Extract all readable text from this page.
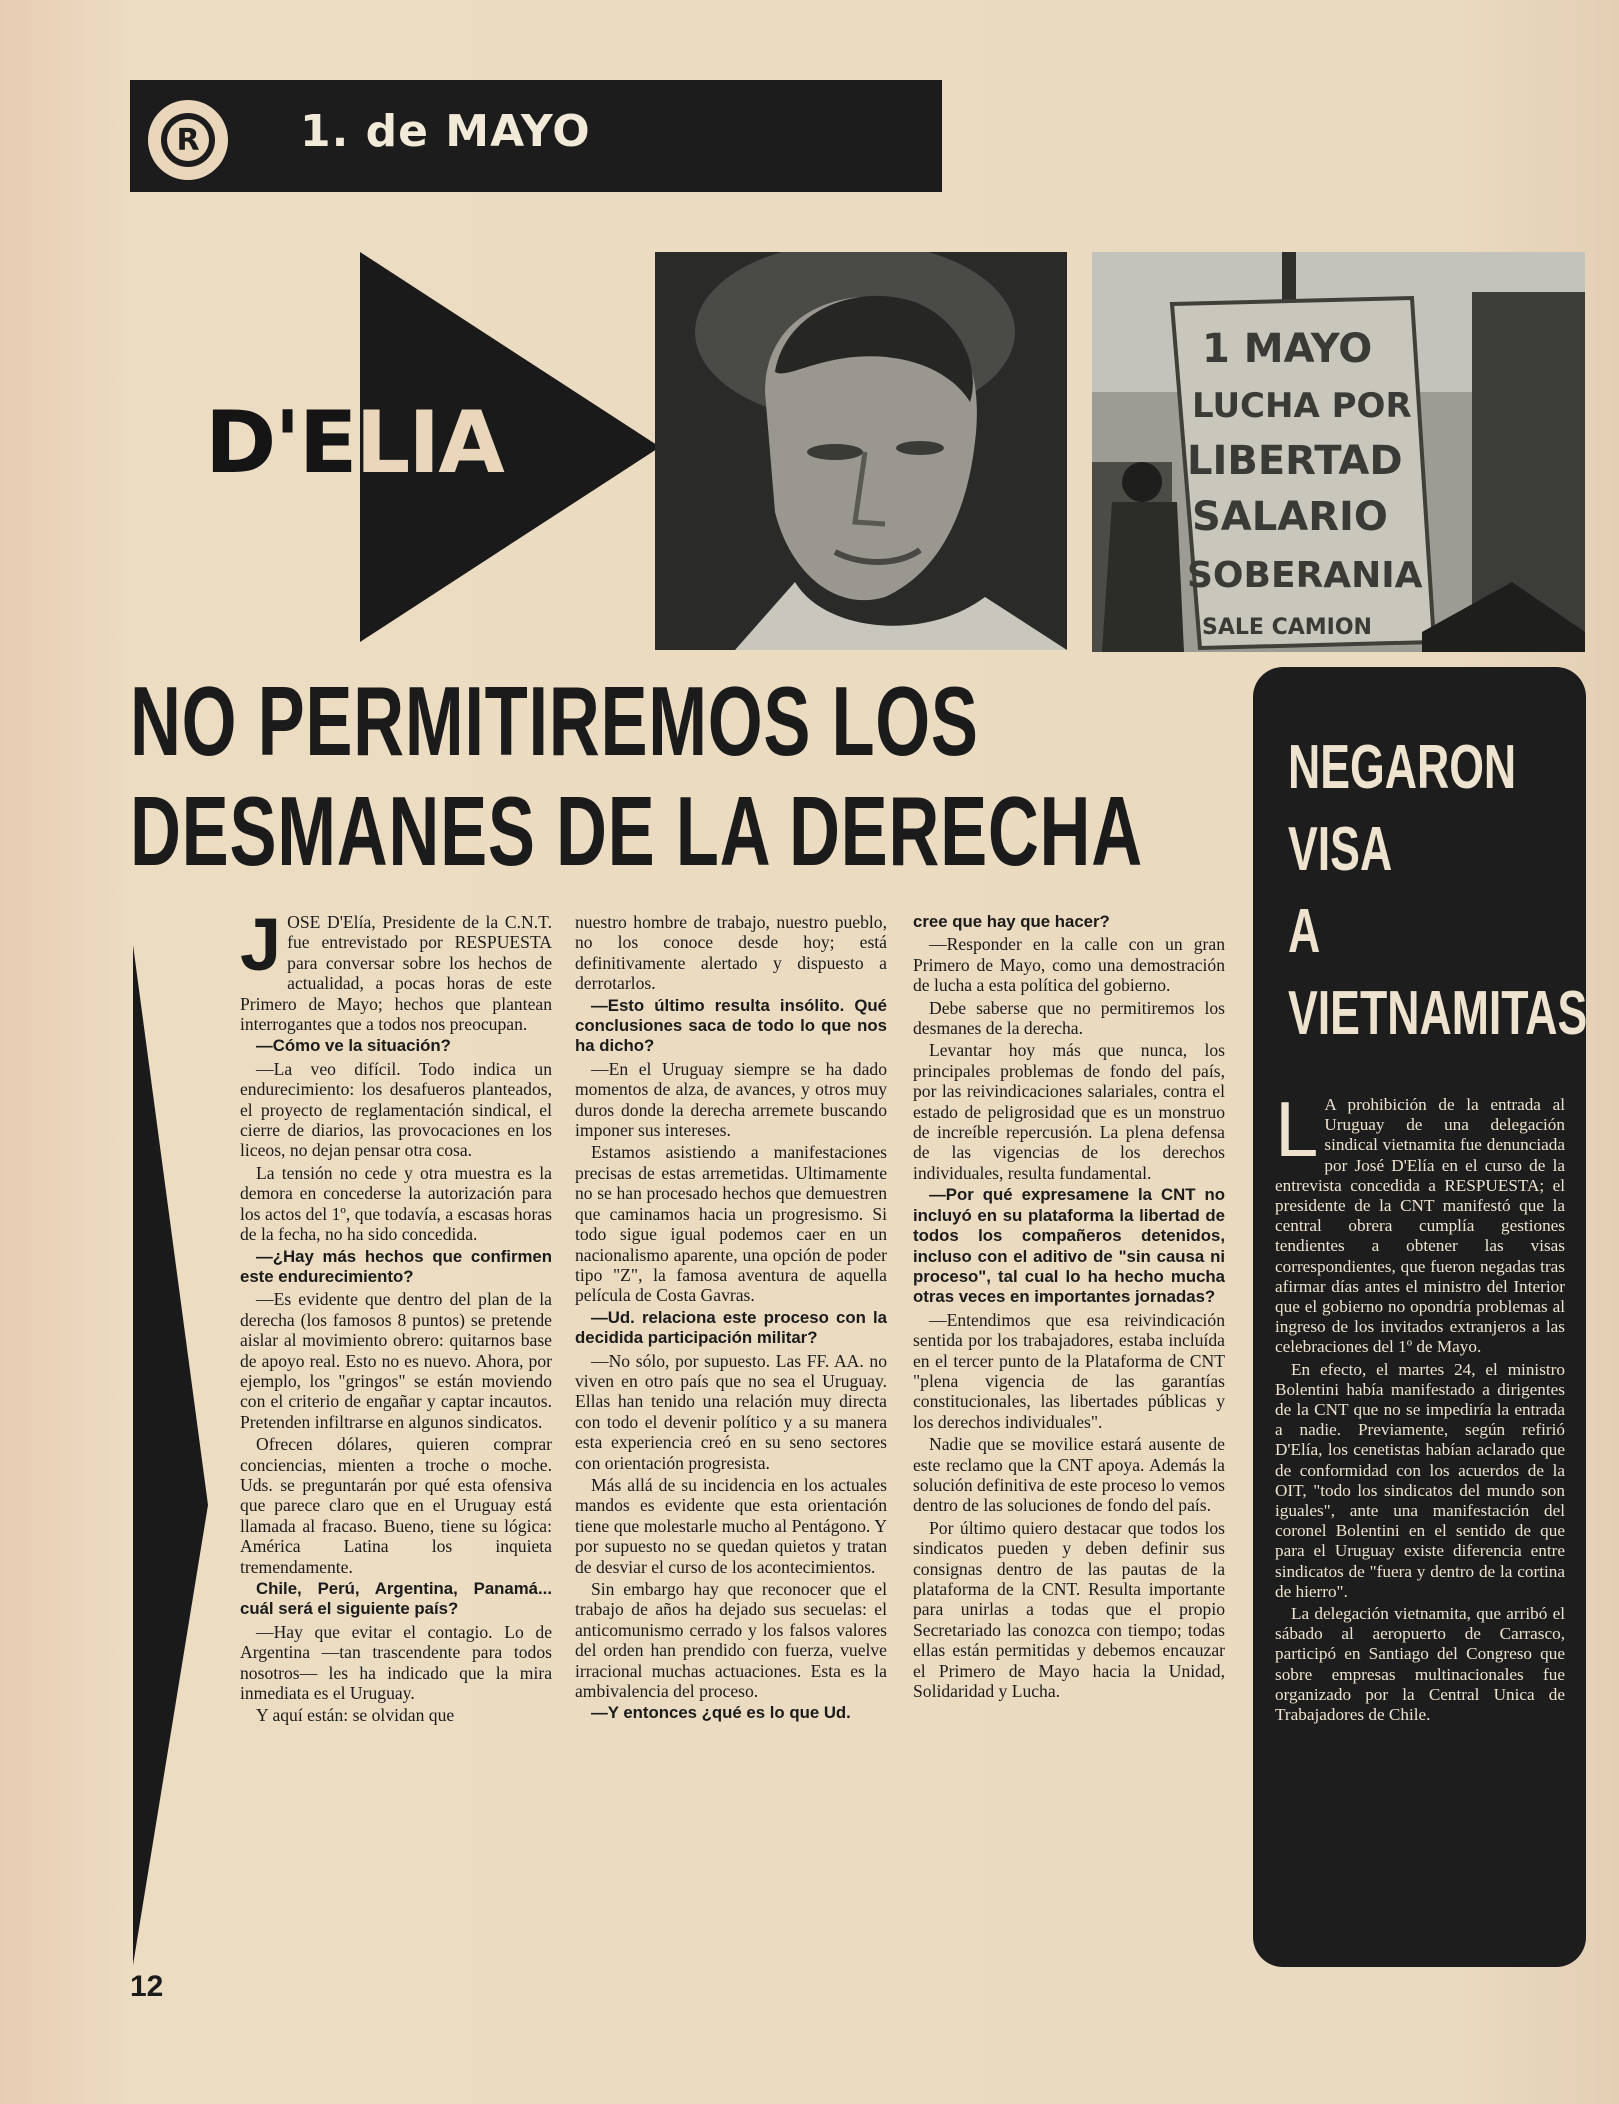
R 1. de MAYO
D'ELIA
1 MAYO
LUCHA POR
LIBERTAD
SALARIO
SOBERANIA
SALE CAMION
NO PERMITIREMOS LOS
DESMANES DE LA DERECHA
J OSE D'Elía, Presidente de la C.N.T. fue entrevistado por RESPUESTA para conversar sobre los hechos de actualidad, a pocas horas de este Primero de Mayo; hechos que plantean interrogantes que a todos nos preocupan.

—Cómo ve la situación?

—La veo difícil. Todo indica un endurecimiento: los desafueros planteados, el proyecto de reglamentación sindical, el cierre de diarios, las provocaciones en los liceos, no dejan pensar otra cosa.

La tensión no cede y otra muestra es la demora en concederse la autorización para los actos del 1º, que todavía, a escasas horas de la fecha, no ha sido concedida.

—¿Hay más hechos que confirmen este endurecimiento?

—Es evidente que dentro del plan de la derecha (los famosos 8 puntos) se pretende aislar al movimiento obrero: quitarnos base de apoyo real. Esto no es nuevo. Ahora, por ejemplo, los "gringos" se están moviendo con el criterio de engañar y captar incautos. Pretenden infiltrarse en algunos sindicatos.

Ofrecen dólares, quieren comprar conciencias, mienten a troche o moche. Uds. se preguntarán por qué esta ofensiva que parece claro que en el Uruguay está llamada al fracaso. Bueno, tiene su lógica: América Latina los inquieta tremendamente.

Chile, Perú, Argentina, Panamá... cuál será el siguiente país?

—Hay que evitar el contagio. Lo de Argentina —tan trascendente para todos nosotros— les ha indicado que la mira inmediata es el Uruguay.

Y aquí están: se olvidan que

nuestro hombre de trabajo, nuestro pueblo, no los conoce desde hoy; está definitivamente alertado y dispuesto a derrotarlos.

—Esto último resulta insólito. Qué conclusiones saca de todo lo que nos ha dicho?

—En el Uruguay siempre se ha dado momentos de alza, de avances, y otros muy duros donde la derecha arremete buscando imponer sus intereses.

Estamos asistiendo a manifestaciones precisas de estas arremetidas. Ultimamente no se han procesado hechos que demuestren que caminamos hacia un progresismo. Si todo sigue igual podemos caer en un nacionalismo aparente, una opción de poder tipo "Z", la famosa aventura de aquella película de Costa Gavras.

—Ud. relaciona este proceso con la decidida participación militar?

—No sólo, por supuesto. Las FF. AA. no viven en otro país que no sea el Uruguay. Ellas han tenido una relación muy directa con todo el devenir político y a su manera esta experiencia creó en su seno sectores con orientación progresista.

Más allá de su incidencia en los actuales mandos es evidente que esta orientación tiene que molestarle mucho al Pentágono. Y por supuesto no se quedan quietos y tratan de desviar el curso de los acontecimientos.

Sin embargo hay que reconocer que el trabajo de años ha dejado sus secuelas: el anticomunismo cerrado y los falsos valores del orden han prendido con fuerza, vuelve irracional muchas actuaciones. Esta es la ambivalencia del proceso.

—Y entonces ¿qué es lo que Ud.

cree que hay que hacer?

—Responder en la calle con un gran Primero de Mayo, como una demostración de lucha a esta política del gobierno.

Debe saberse que no permitiremos los desmanes de la derecha.

Levantar hoy más que nunca, los principales problemas de fondo del país, por las reivindicaciones salariales, contra el estado de peligrosidad que es un monstruo de increíble repercusión. La plena defensa de las vigencias de los derechos individuales, resulta fundamental.

—Por qué expresamene la CNT no incluyó en su plataforma la libertad de todos los compañeros detenidos, incluso con el aditivo de "sin causa ni proceso", tal cual lo ha hecho mucha otras veces en importantes jornadas?

—Entendimos que esa reivindicación sentida por los trabajadores, estaba incluída en el tercer punto de la Plataforma de CNT "plena vigencia de las garantías constitucionales, las libertades públicas y los derechos individuales".

Nadie que se movilice estará ausente de este reclamo que la CNT apoya. Además la solución definitiva de este proceso lo vemos dentro de las soluciones de fondo del país.

Por último quiero destacar que todos los sindicatos pueden y deben definir sus consignas dentro de las pautas de la plataforma de la CNT. Resulta importante para unirlas a todas que el propio Secretariado las conozca con tiempo; todas ellas están permitidas y debemos encauzar el Primero de Mayo hacia la Unidad, Solidaridad y Lucha.

NEGARON
VISA
A
VIETNAMITAS
L A prohibición de la entrada al Uruguay de una delegación sindical vietnamita fue denunciada por José D'Elía en el curso de la entrevista concedida a RESPUESTA; el presidente de la CNT manifestó que la central obrera cumplía gestiones tendientes a obtener las visas correspondientes, que fueron negadas tras afirmar días antes el ministro del Interior que el gobierno no opondría problemas al ingreso de los invitados extranjeros a las celebraciones del 1º de Mayo.

En efecto, el martes 24, el ministro Bolentini había manifestado a dirigentes de la CNT que no se impediría la entrada a nadie. Previamente, según refirió D'Elía, los cenetistas habían aclarado que de conformidad con los acuerdos de la OIT, "todo los sindicatos del mundo son iguales", ante una manifestación del coronel Bolentini en el sentido de que para el Uruguay existe diferencia entre sindicatos de "fuera y dentro de la cortina de hierro".

La delegación vietnamita, que arribó el sábado al aeropuerto de Carrasco, participó en Santiago del Congreso que sobre empresas multinacionales fue organizado por la Central Unica de Trabajadores de Chile.

12
